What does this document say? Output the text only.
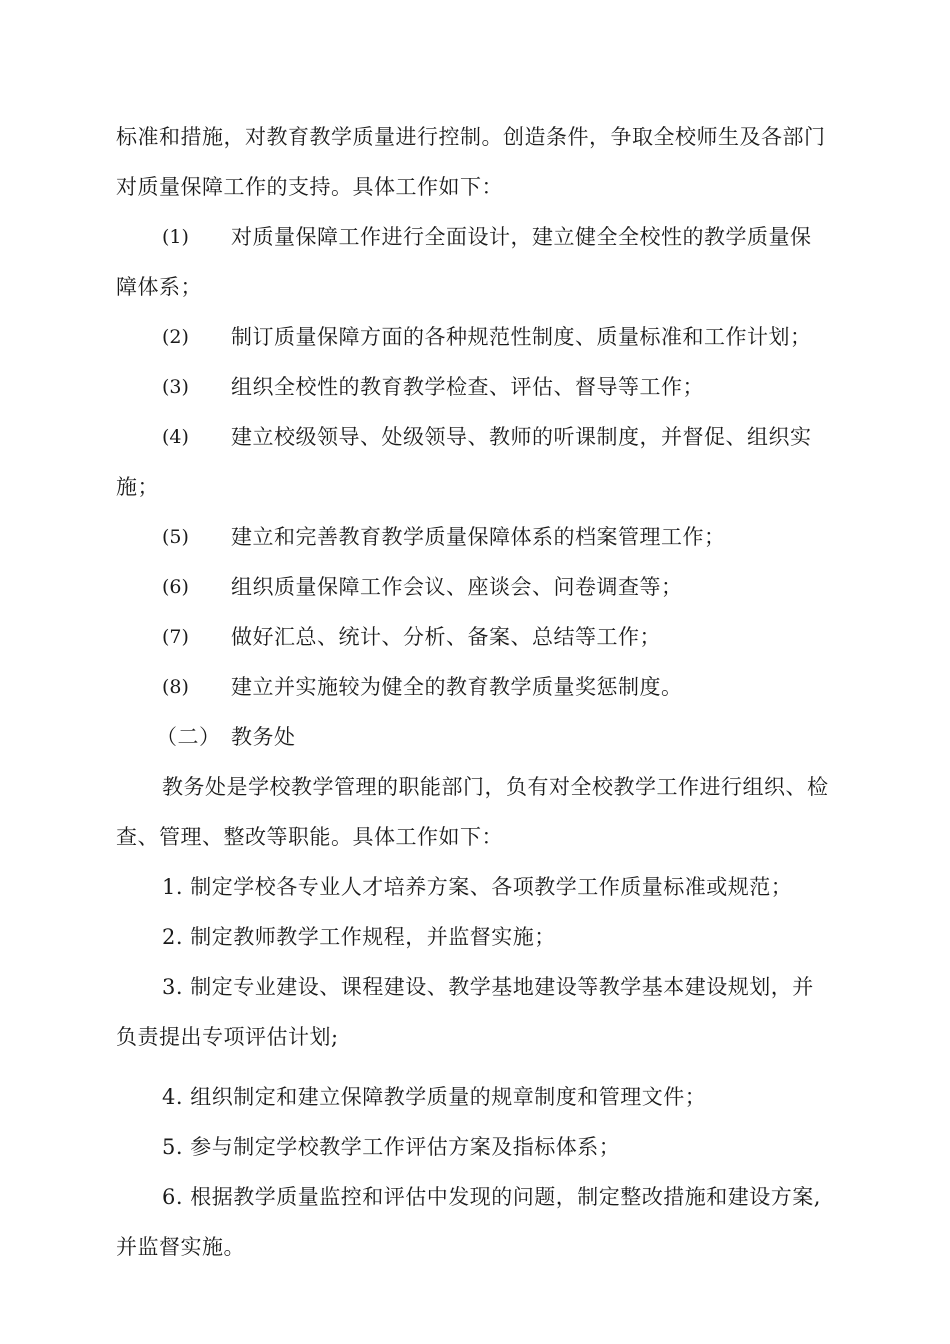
标准和措施，对教育教学质量进行控制。创造条件，争取全校师生及各部门
对质量保障工作的支持。具体工作如下：
(1) 对质量保障工作进行全面设计，建立健全全校性的教学质量保
障体系；
(2) 制订质量保障方面的各种规范性制度、质量标准和工作计划；
(3) 组织全校性的教育教学检查、评估、督导等工作；
(4) 建立校级领导、处级领导、教师的听课制度，并督促、组织实
施；
(5) 建立和完善教育教学质量保障体系的档案管理工作；
(6) 组织质量保障工作会议、座谈会、问卷调查等；
(7) 做好汇总、统计、分析、备案、总结等工作；
(8) 建立并实施较为健全的教育教学质量奖惩制度。
（二） 教务处
教务处是学校教学管理的职能部门，负有对全校教学工作进行组织、检
查、管理、整改等职能。具体工作如下：
1. 制定学校各专业人才培养方案、各项教学工作质量标准或规范；
2. 制定教师教学工作规程，并监督实施；
3. 制定专业建设、课程建设、教学基地建设等教学基本建设规划，并
负责提出专项评估计划;
4. 组织制定和建立保障教学质量的规章制度和管理文件；
5. 参与制定学校教学工作评估方案及指标体系；
6. 根据教学质量监控和评估中发现的问题，制定整改措施和建设方案,
并监督实施。
